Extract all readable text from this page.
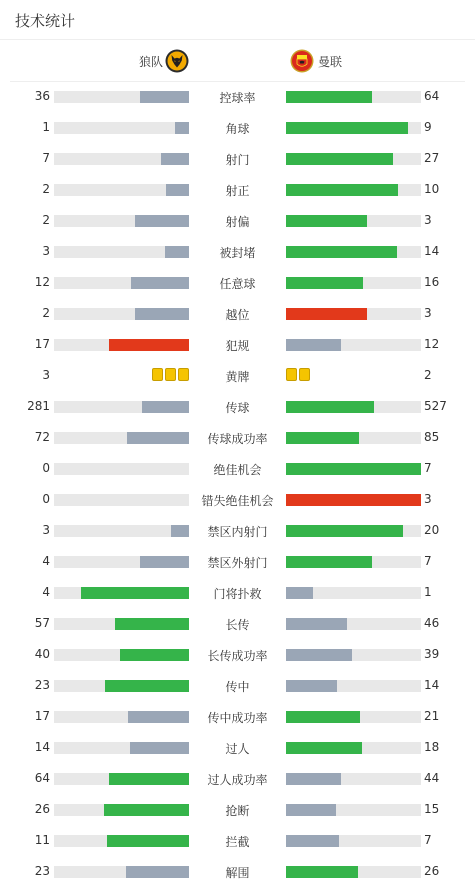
技术统计
狼队	曼联
36	控球率	64
1	角球	9
7	射门	27
2	射正	10
2	射偏	3
3	被封堵	14
12	任意球	16
2	越位	3
17	犯规	12
3	黄牌	2
281	传球	527
72	传球成功率	85
0	绝佳机会	7
0	错失绝佳机会	3
3	禁区内射门	20
4	禁区外射门	7
4	门将扑救	1
57	长传	46
40	长传成功率	39
23	传中	14
17	传中成功率	21
14	过人	18
64	过人成功率	44
26	抢断	15
11	拦截	7
23	解围	26
